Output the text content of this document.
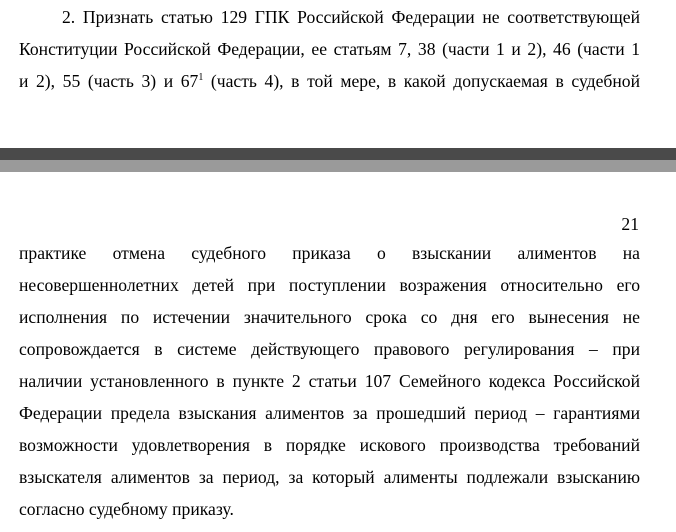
2. Признать статью 129 ГПК Российской Федерации не соответствующей
Конституции Российской Федерации, ее статьям 7, 38 (части 1 и 2), 46 (части 1
и 2), 55 (часть 3) и $67^1$ (часть 4), в той мере, в какой допускаемая в судебной
21
практике отмена судебного приказа о взыскании алиментов на
несовершеннолетних детей при поступлении возражения относительно его
исполнения по истечении значительного срока со дня его вынесения не
сопровождается в системе действующего правового регулирования – при
наличии установленного в пункте 2 статьи 107 Семейного кодекса Российской
Федерации предела взыскания алиментов за прошедший период – гарантиями
возможности удовлетворения в порядке искового производства требований
взыскателя алиментов за период, за который алименты подлежали взысканию
согласно судебному приказу.
